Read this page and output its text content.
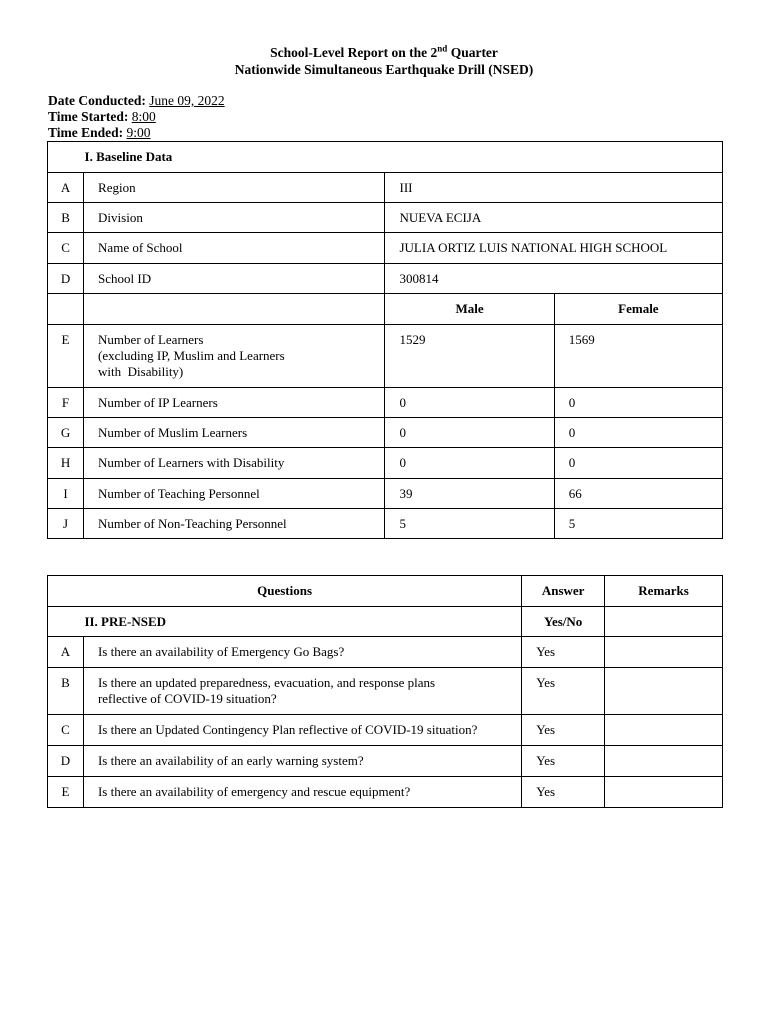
School-Level Report on the 2nd Quarter
Nationwide Simultaneous Earthquake Drill (NSED)
Date Conducted: June 09, 2022
Time Started: 8:00
Time Ended: 9:00
	I. Baseline Data		
A	Region	III	
B	Division	NUEVA ECIJA	
C	Name of School	JULIA ORTIZ LUIS NATIONAL HIGH SCHOOL	
D	School ID	300814	
		Male	Female

E	Number of Learners
(excluding IP, Muslim and Learners
with  Disability)	1529	1569

F	Number of IP Learners	0	0
G	Number of Muslim Learners	0	0
H	Number of Learners with Disability	0	0
I	Number of Teaching Personnel	39	66
J	Number of Non-Teaching Personnel	5	5
Questions		Answer	Remarks
	II. PRE-NSED	Yes/No	
A	Is there an availability of Emergency Go Bags?	Yes	

B	Is there an updated preparedness, evacuation, and response plans
reflective of COVID-19 situation?	Yes	

C	Is there an Updated Contingency Plan reflective of COVID-19 situation?	Yes	
D	Is there an availability of an early warning system?	Yes	
E	Is there an availability of emergency and rescue equipment?	Yes	
